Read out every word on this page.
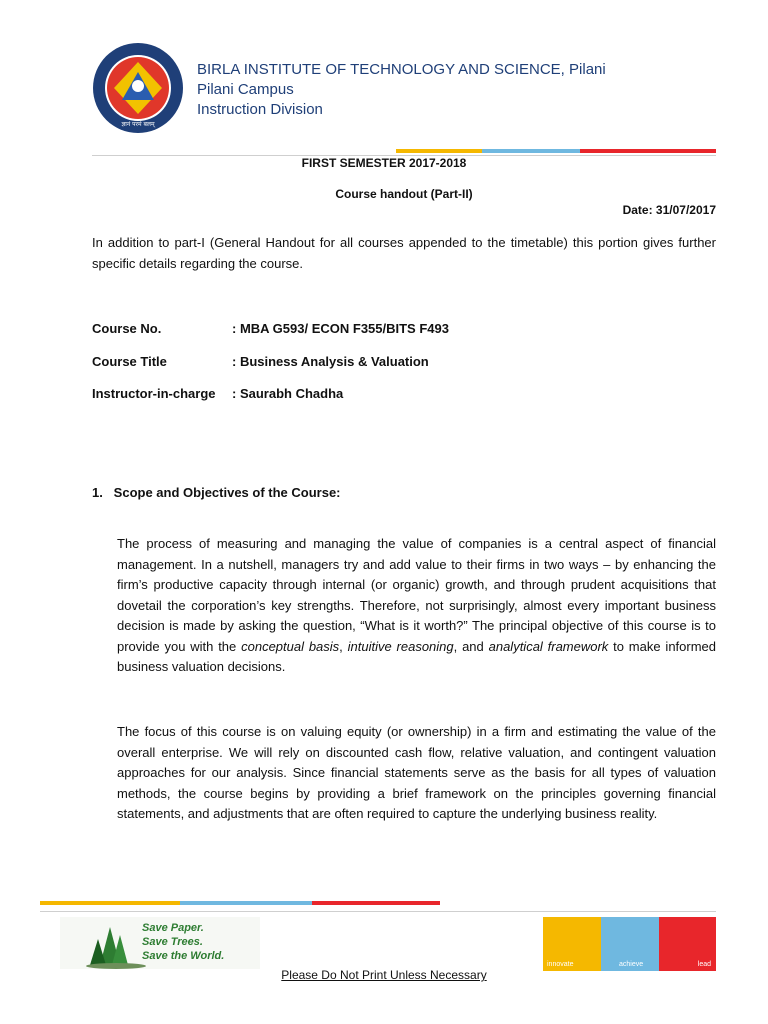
ज्ञानं परमं बलम्
BIRLA INSTITUTE OF TECHNOLOGY AND SCIENCE, Pilani
Pilani Campus
Instruction Division
FIRST SEMESTER 2017-2018
Course handout (Part-II)
Date: 31/07/2017
In addition to part-I (General Handout for all courses appended to the timetable) this portion gives further specific details regarding the course.
Course No.	: MBA G593/ ECON F355/BITS F493
Course Title	: Business Analysis & Valuation
Instructor-in-charge : Saurabh Chadha
1.   Scope and Objectives of the Course:
The process of measuring and managing the value of companies is a central aspect of financial management. In a nutshell, managers try and add value to their firms in two ways – by enhancing the firm’s productive capacity through internal (or organic) growth, and through prudent acquisitions that dovetail the corporation’s key strengths. Therefore, not surprisingly, almost every important business decision is made by asking the question, “What is it worth?” The principal objective of this course is to provide you with the conceptual basis, intuitive reasoning, and analytical framework to make informed business valuation decisions.
The focus of this course is on valuing equity (or ownership) in a firm and estimating the value of the overall enterprise. We will rely on discounted cash flow, relative valuation, and contingent valuation approaches for our analysis. Since financial statements serve as the basis for all types of valuation methods, the course begins by providing a brief framework on the principles governing financial statements, and adjustments that are often required to capture the underlying business reality.
Save Paper.
Save Trees.
Save the World.
innovate	achieve	lead
Please Do Not Print Unless Necessary
